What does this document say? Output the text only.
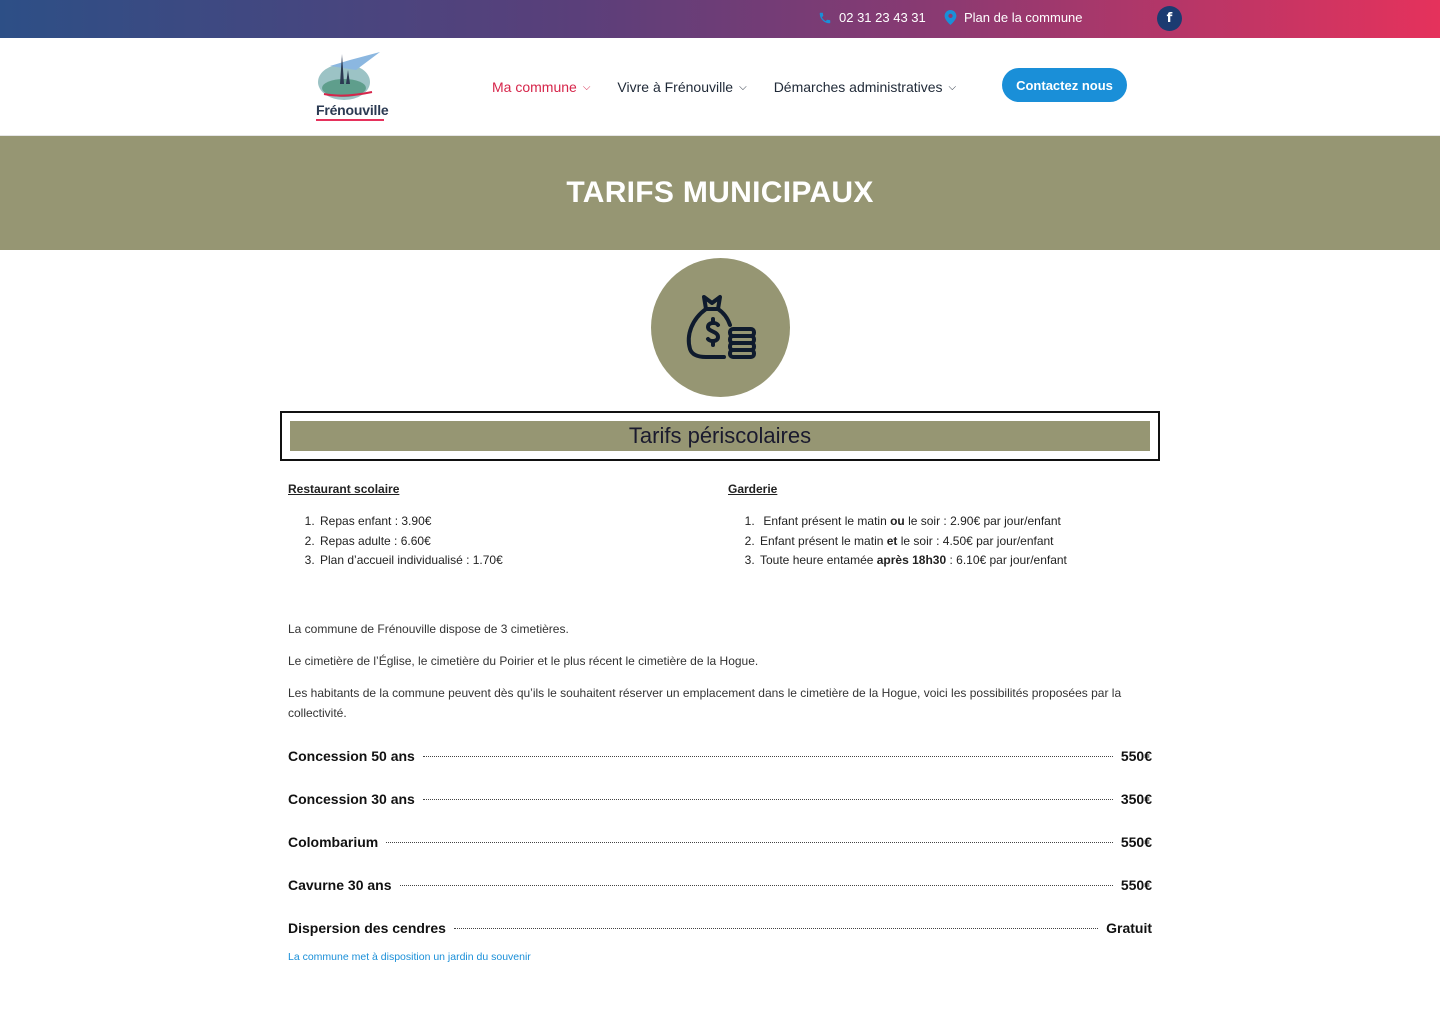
02 31 23 43 31	Plan de la commune	f
Frénouville
Ma commune ⌵ Vivre à Frénouville ⌵ Démarches administratives ⌵	Contactez nous
TARIFS MUNICIPAUX
Tarifs périscolaires
Restaurant scolaire
1. Repas enfant : 3.90€
2. Repas adulte : 6.60€
3. Plan d’accueil individualisé : 1.70€
Garderie
1.  Enfant présent le matin ou le soir : 2.90€ par jour/enfant
2. Enfant présent le matin et le soir : 4.50€ par jour/enfant
3. Toute heure entamée après 18h30 : 6.10€ par jour/enfant

La commune de Frénouville dispose de 3 cimetières.

Le cimetière de l’Église, le cimetière du Poirier et le plus récent le cimetière de la Hogue.

Les habitants de la commune peuvent dès qu’ils le souhaitent réserver un emplacement dans le cimetière de la Hogue, voici les possibilités proposées par la collectivité.

Concession 50 ans	550€
Concession 30 ans	350€
Colombarium	550€
Cavurne 30 ans	550€
Dispersion des cendres	Gratuit
La commune met à disposition un jardin du souvenir
